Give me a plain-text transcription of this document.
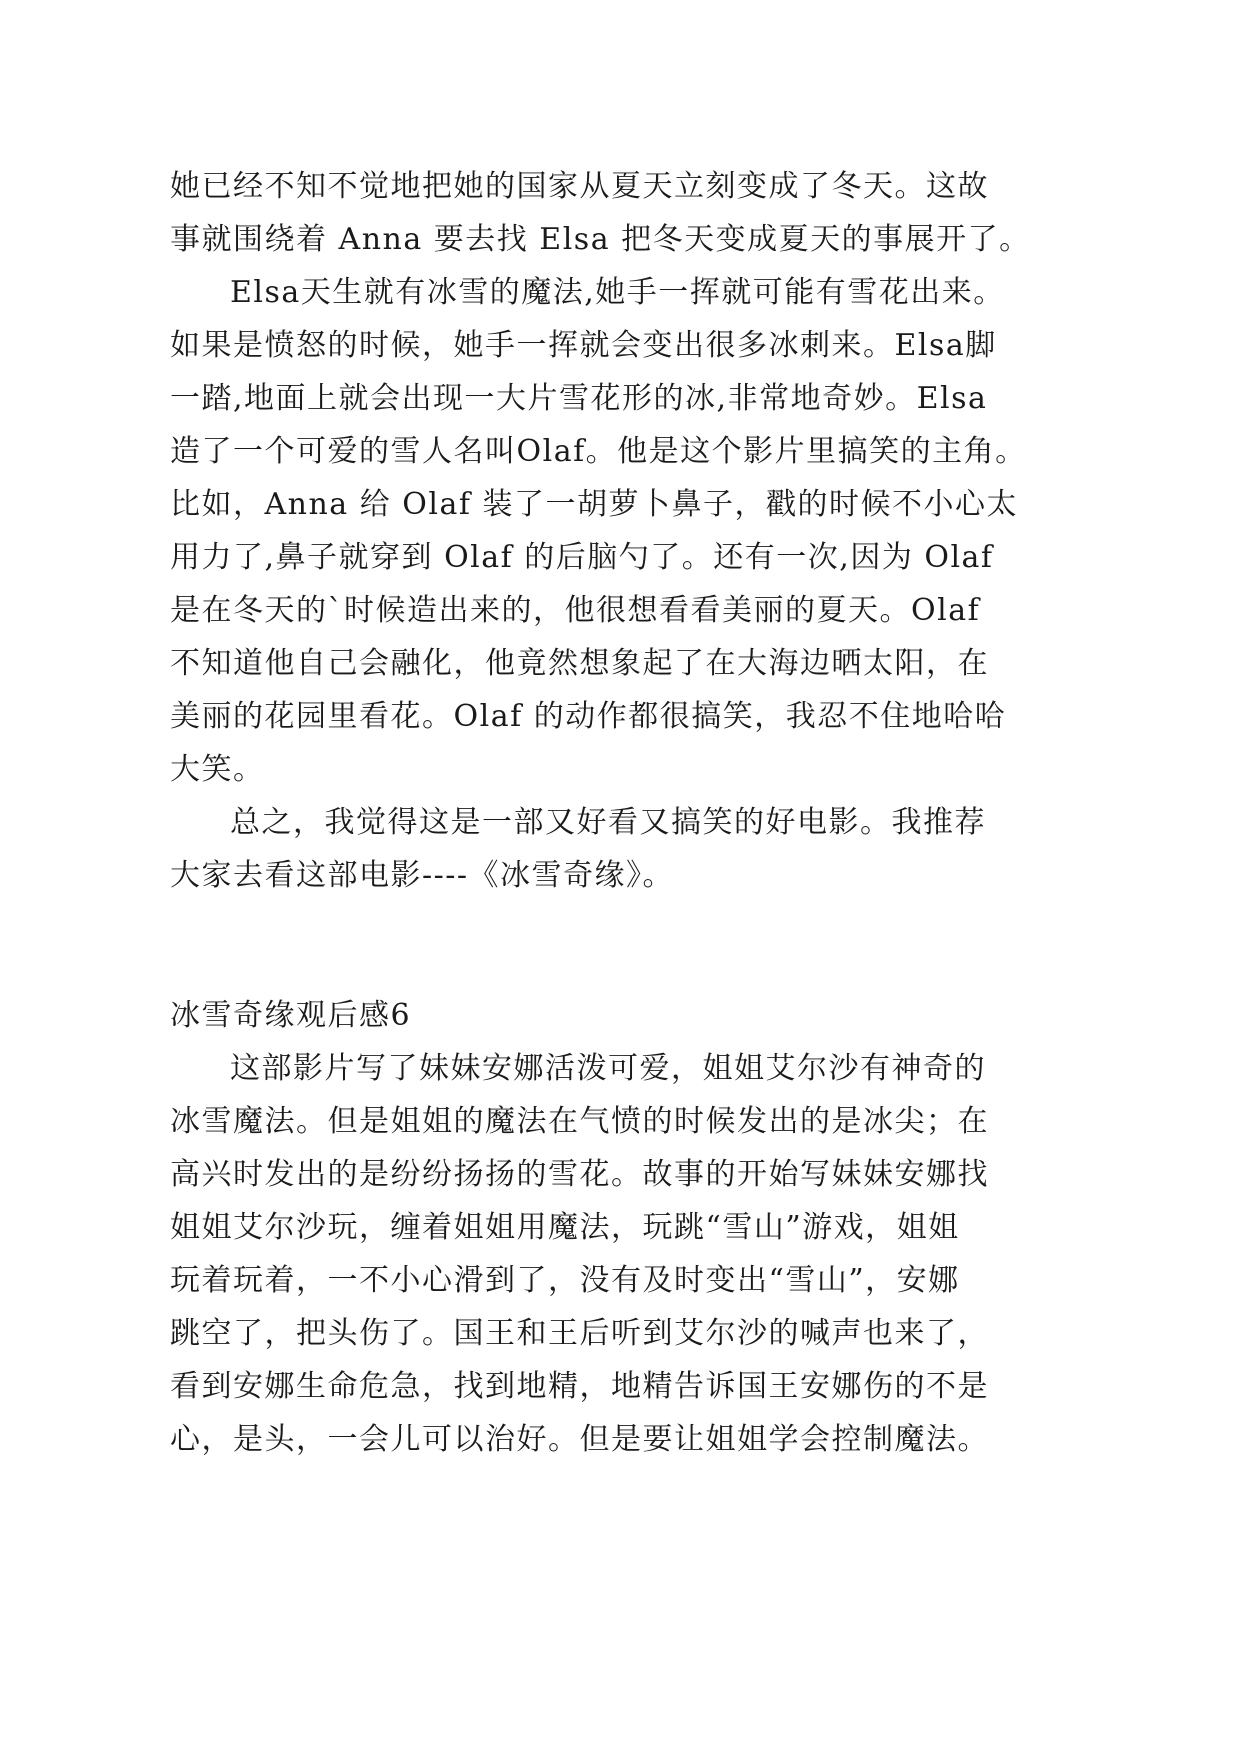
她已经不知不觉地把她的国家从夏天立刻变成了冬天。这故
事就围绕着 Anna 要去找 Elsa 把冬天变成夏天的事展开了。
Elsa天生就有冰雪的魔法,她手一挥就可能有雪花出来。
如果是愤怒的时候，她手一挥就会变出很多冰刺来。Elsa脚
一踏,地面上就会出现一大片雪花形的冰,非常地奇妙。Elsa
造了一个可爱的雪人名叫Olaf。他是这个影片里搞笑的主角。
比如，Anna 给 Olaf 装了一胡萝卜鼻子，戳的时候不小心太
用力了,鼻子就穿到 Olaf 的后脑勺了。还有一次,因为 Olaf
是在冬天的`时候造出来的，他很想看看美丽的夏天。Olaf
不知道他自己会融化，他竟然想象起了在大海边晒太阳，在
美丽的花园里看花。Olaf 的动作都很搞笑，我忍不住地哈哈
大笑。
总之，我觉得这是一部又好看又搞笑的好电影。我推荐
大家去看这部电影----《冰雪奇缘》。
冰雪奇缘观后感6
这部影片写了妹妹安娜活泼可爱，姐姐艾尔沙有神奇的
冰雪魔法。但是姐姐的魔法在气愤的时候发出的是冰尖；在
高兴时发出的是纷纷扬扬的雪花。故事的开始写妹妹安娜找
姐姐艾尔沙玩，缠着姐姐用魔法，玩跳“雪山”游戏，姐姐
玩着玩着，一不小心滑到了，没有及时变出“雪山”，安娜
跳空了，把头伤了。国王和王后听到艾尔沙的喊声也来了，
看到安娜生命危急，找到地精，地精告诉国王安娜伤的不是
心，是头，一会儿可以治好。但是要让姐姐学会控制魔法。
